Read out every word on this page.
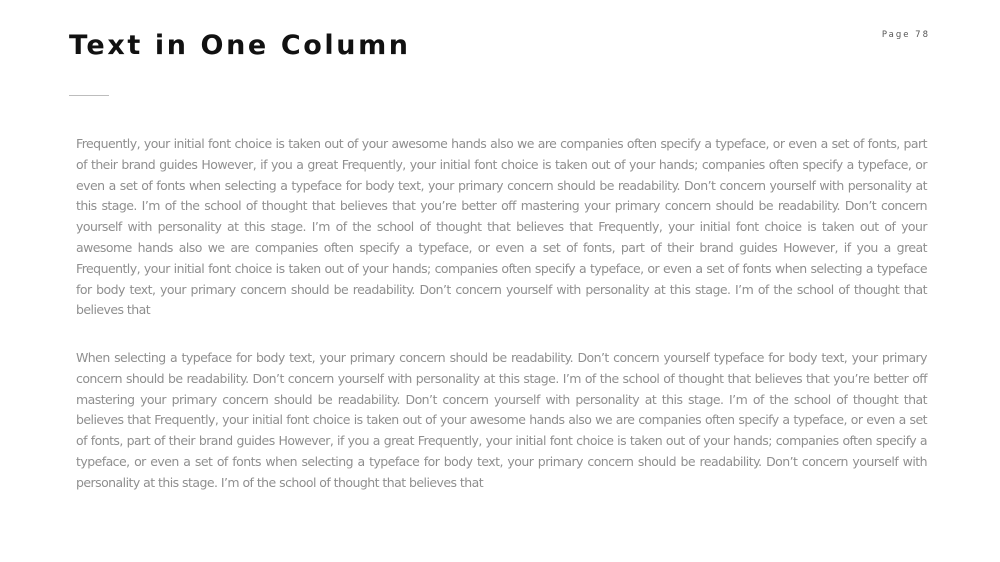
Text in One Column	Page 78

Frequently, your initial font choice is taken out of your awesome hands also we are companies often specify a typeface, or even a set of fonts, part of their brand guides However, if you a great Frequently, your initial font choice is taken out of your hands; companies often specify a typeface, or even a set of fonts when selecting a typeface for body text, your primary concern should be readability. Don’t concern yourself with personality at this stage. I’m of the school of thought that believes that you’re better off mastering your primary concern should be readability. Don’t concern yourself with personality at this stage. I’m of the school of thought that believes that Frequently, your initial font choice is taken out of your awesome hands also we are companies often specify a typeface, or even a set of fonts, part of their brand guides However, if you a great Frequently, your initial font choice is taken out of your hands; companies often specify a typeface, or even a set of fonts when selecting a typeface for body text, your primary concern should be readability. Don’t concern yourself with personality at this stage. I’m of the school of thought that believes that

When selecting a typeface for body text, your primary concern should be readability. Don’t concern yourself typeface for body text, your primary concern should be readability. Don’t concern yourself with personality at this stage. I’m of the school of thought that believes that you’re better off mastering your primary concern should be readability. Don’t concern yourself with personality at this stage. I’m of the school of thought that believes that Frequently, your initial font choice is taken out of your awesome hands also we are companies often specify a typeface, or even a set of fonts, part of their brand guides However, if you a great Frequently, your initial font choice is taken out of your hands; companies often specify a typeface, or even a set of fonts when selecting a typeface for body text, your primary concern should be readability. Don’t concern yourself with personality at this stage. I’m of the school of thought that believes that
